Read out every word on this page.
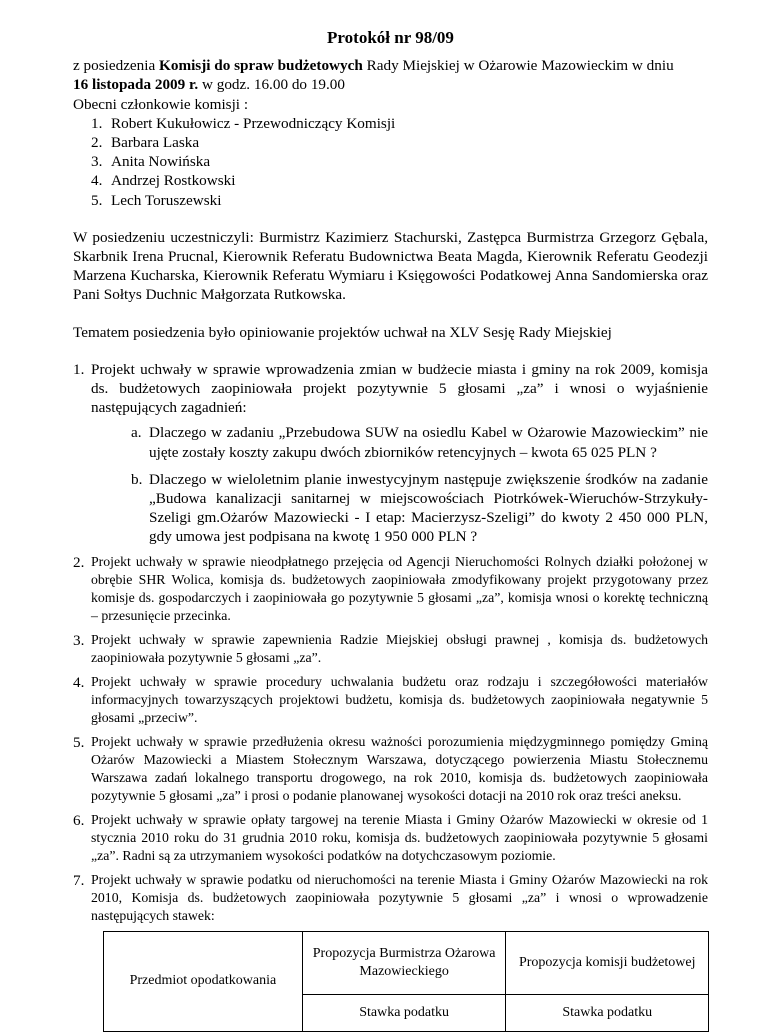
Protokół nr 98/09

z posiedzenia Komisji do spraw budżetowych Rady Miejskiej w Ożarowie Mazowieckim w dniu
16 listopada 2009 r. w godz. 16.00 do 19.00

Obecni członkowie komisji :

1. Robert Kukułowicz - Przewodniczący Komisji
2. Barbara Laska
3. Anita Nowińska
4. Andrzej Rostkowski
5. Lech Toruszewski

W posiedzeniu uczestniczyli: Burmistrz Kazimierz Stachurski, Zastępca Burmistrza Grzegorz Gębala, Skarbnik Irena Prucnal, Kierownik Referatu Budownictwa Beata Magda, Kierownik Referatu Geodezji Marzena Kucharska, Kierownik Referatu Wymiaru i Księgowości Podatkowej Anna Sandomierska oraz Pani Sołtys Duchnic Małgorzata Rutkowska.

Tematem posiedzenia było opiniowanie projektów uchwał na XLV Sesję Rady Miejskiej

1. Projekt uchwały w sprawie wprowadzenia zmian w budżecie miasta i gminy na rok 2009, komisja ds. budżetowych zaopiniowała projekt pozytywnie 5 głosami „za” i wnosi o wyjaśnienie następujących zagadnień:
a. Dlaczego w zadaniu „Przebudowa SUW na osiedlu Kabel w Ożarowie Mazowieckim” nie ujęte zostały koszty zakupu dwóch zbiorników retencyjnych – kwota 65 025 PLN ?
b. Dlaczego w wieloletnim planie inwestycyjnym następuje zwiększenie środków na zadanie „Budowa kanalizacji sanitarnej w miejscowościach Piotrkówek-Wieruchów-Strzykuły-Szeligi gm.Ożarów Mazowiecki - I etap: Macierzysz-Szeligi” do kwoty 2 450 000 PLN, gdy umowa jest podpisana na kwotę 1 950 000 PLN ?
2. Projekt uchwały w sprawie nieodpłatnego przejęcia od Agencji Nieruchomości Rolnych działki położonej w obrębie SHR Wolica, komisja ds. budżetowych zaopiniowała zmodyfikowany projekt przygotowany przez komisje ds. gospodarczych i zaopiniowała go pozytywnie 5 głosami „za”, komisja wnosi o korektę techniczną – przesunięcie przecinka.
3. Projekt uchwały w sprawie zapewnienia Radzie Miejskiej obsługi prawnej , komisja ds. budżetowych zaopiniowała pozytywnie 5 głosami „za”.
4. Projekt uchwały w sprawie procedury uchwalania budżetu oraz rodzaju i szczegółowości materiałów informacyjnych towarzyszących projektowi budżetu, komisja ds. budżetowych zaopiniowała negatywnie 5 głosami „przeciw”.
5. Projekt uchwały w sprawie przedłużenia okresu ważności porozumienia międzygminnego pomiędzy Gminą Ożarów Mazowiecki a Miastem Stołecznym Warszawa, dotyczącego powierzenia Miastu Stołecznemu Warszawa zadań lokalnego transportu drogowego, na rok 2010, komisja ds. budżetowych zaopiniowała pozytywnie 5 głosami „za” i prosi o podanie planowanej wysokości dotacji na 2010 rok oraz treści aneksu.
6. Projekt uchwały w sprawie opłaty targowej na terenie Miasta i Gminy Ożarów Mazowiecki w okresie od 1 stycznia 2010 roku do 31 grudnia 2010 roku, komisja ds. budżetowych zaopiniowała pozytywnie 5 głosami „za”. Radni są za utrzymaniem wysokości podatków na dotychczasowym poziomie.
7. Projekt uchwały w sprawie podatku od nieruchomości na terenie Miasta i Gminy Ożarów Mazowiecki na rok 2010, Komisja ds. budżetowych zaopiniowała pozytywnie 5 głosami „za” i wnosi o wprowadzenie następujących stawek:
Przedmiot opodatkowania	Propozycja Burmistrza Ożarowa Mazowieckiego	Propozycja komisji budżetowej
	Stawka podatku	Stawka podatku
